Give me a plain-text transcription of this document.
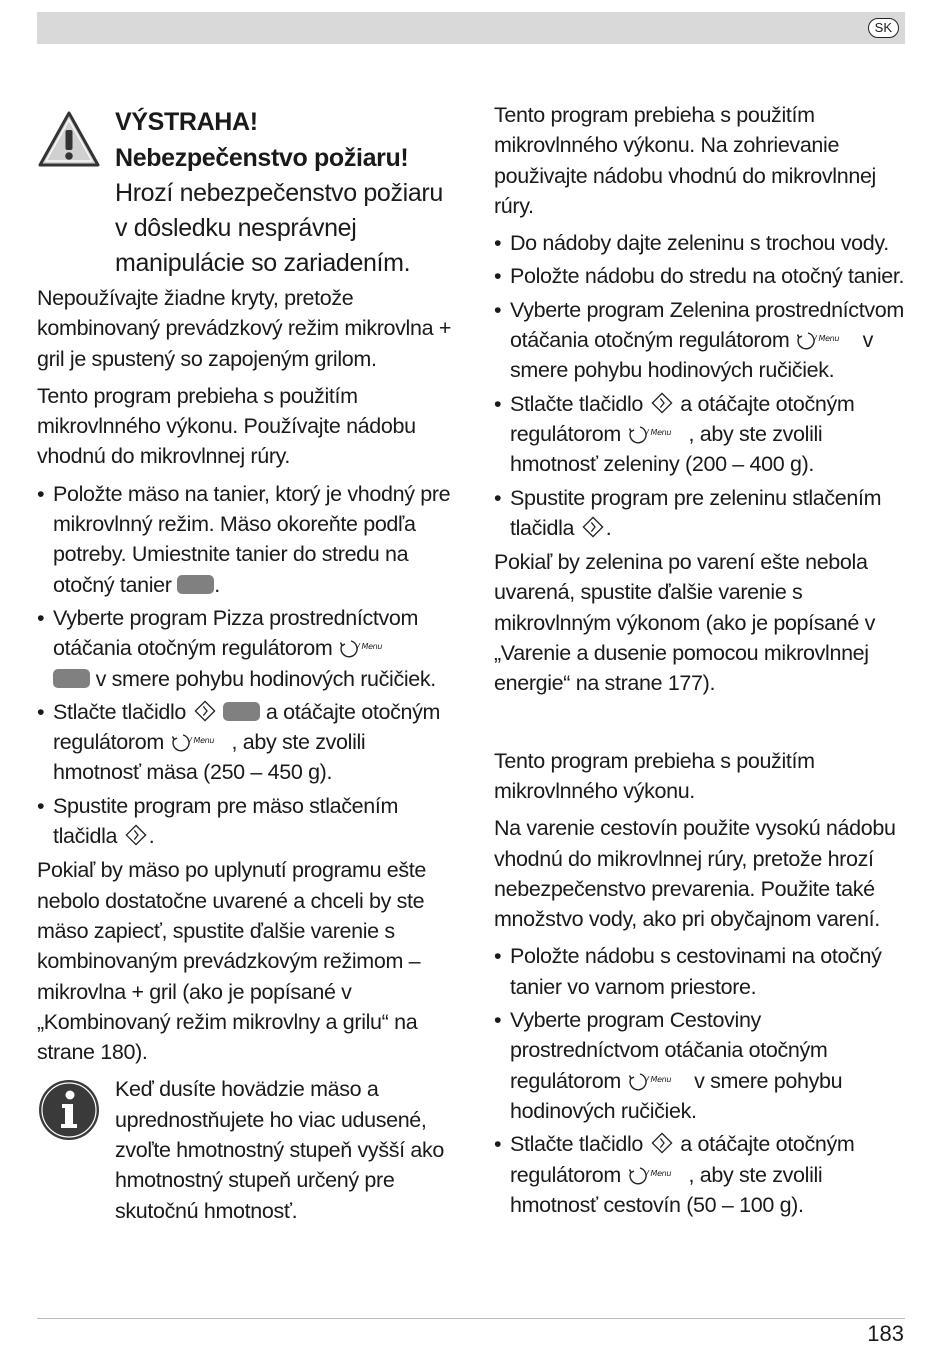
SK
VÝSTRAHA!
Nebezpečenstvo požiaru!
Hrozí nebezpečenstvo požiaru v dôsledku nesprávnej manipulácie so zariadením.

Nepoužívajte žiadne kryty, pretože kombinovaný prevádzkový režim mikrovlna + gril je spustený so zapojeným grilom.

Tento program prebieha s použitím mikrovlnného výkonu. Používajte nádobu vhodnú do mikrovlnnej rúry.

• Položte mäso na tanier, ktorý je vhodný pre mikrovlnný režim. Mäso okoreňte podľa potreby. Umiestnite tanier do stredu na otočný tanier .
• Vyberte program Pizza prostredníctvom otáčania otočným regulátorom / Menu

v smere pohybu hodinových ručičiek.
• Stlačte tlačidlo	a otáčajte otočným regulátorom / Menu , aby ste zvolili hmotnosť mäsa (250 – 450 g).
• Spustite program pre mäso stlačením tlačidla .

Pokiaľ by mäso po uplynutí programu ešte nebolo dostatočne uvarené a chceli by ste mäso zapiecť, spustite ďalšie varenie s kombinovaným prevádzkovým režimom – mikrovlna + gril (ako je popísané v „Kombinovaný režim mikrovlny a grilu“ na strane 180).

Keď dusíte hovädzie mäso a uprednostňujete ho viac udusené, zvoľte hmotnostný stupeň vyšší ako hmotnostný stupeň určený pre skutočnú hmotnosť.

Tento program prebieha s použitím mikrovlnného výkonu. Na zohrievanie použivajte nádobu vhodnú do mikrovlnnej rúry.

• Do nádoby dajte zeleninu s trochou vody.
• Položte nádobu do stredu na otočný tanier.
• Vyberte program Zelenina prostredníctvom otáčania otočným regulátorom / Menu v smere pohybu hodinových ručičiek.
• Stlačte tlačidlo  a otáčajte otočným regulátorom / Menu , aby ste zvolili hmotnosť zeleniny (200 – 400 g).
• Spustite program pre zeleninu stlačením tlačidla .

Pokiaľ by zelenina po varení ešte nebola uvarená, spustite ďalšie varenie s mikrovlnným výkonom (ako je popísané v „Varenie a dusenie pomocou mikrovlnnej energie“ na strane 177).

Tento program prebieha s použitím mikrovlnného výkonu.

Na varenie cestovín použite vysokú nádobu vhodnú do mikrovlnnej rúry, pretože hrozí nebezpečenstvo prevarenia. Použite také množstvo vody, ako pri obyčajnom varení.

• Položte nádobu s cestovinami na otočný tanier vo varnom priestore.
• Vyberte program Cestoviny prostredníctvom otáčania otočným regulátorom / Menu v smere pohybu hodinových ručičiek.
• Stlačte tlačidlo  a otáčajte otočným regulátorom / Menu , aby ste zvolili hmotnosť cestovín (50 – 100 g).
183
